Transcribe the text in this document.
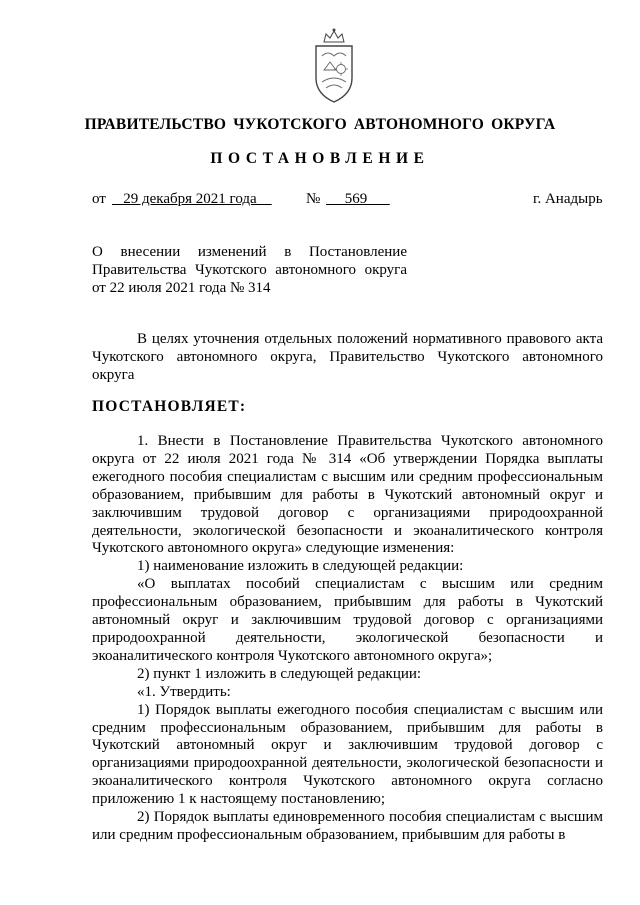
ПРАВИТЕЛЬСТВО ЧУКОТСКОГО АВТОНОМНОГО ОКРУГА
ПОСТАНОВЛЕНИЕ
от 29 декабря 2021 года № 569	г. Анадырь
О внесении изменений в Постановление Правительства Чукотского автономного округа от 22 июля 2021 года № 314

В целях уточнения отдельных положений нормативного правового акта Чукотского автономного округа, Правительство Чукотского автономного округа

ПОСТАНОВЛЯЕТ:

1. Внести в Постановление Правительства Чукотского автономного округа от 22 июля 2021 года № 314 «Об утверждении Порядка выплаты ежегодного пособия специалистам с высшим или средним профессиональным образованием, прибывшим для работы в Чукотский автономный округ и заключившим трудовой договор с организациями природоохранной деятельности, экологической безопасности и экоаналитического контроля Чукотского автономного округа» следующие изменения:

1) наименование изложить в следующей редакции:

«О выплатах пособий специалистам с высшим или средним профессиональным образованием, прибывшим для работы в Чукотский автономный округ и заключившим трудовой договор с организациями природоохранной деятельности, экологической безопасности и экоаналитического контроля Чукотского автономного округа»;

2) пункт 1 изложить в следующей редакции:

«1. Утвердить:

1) Порядок выплаты ежегодного пособия специалистам с высшим или средним профессиональным образованием, прибывшим для работы в Чукотский автономный округ и заключившим трудовой договор с организациями природоохранной деятельности, экологической безопасности и экоаналитического контроля Чукотского автономного округа согласно приложению 1 к настоящему постановлению;

2) Порядок выплаты единовременного пособия специалистам с высшим или средним профессиональным образованием, прибывшим для работы в
